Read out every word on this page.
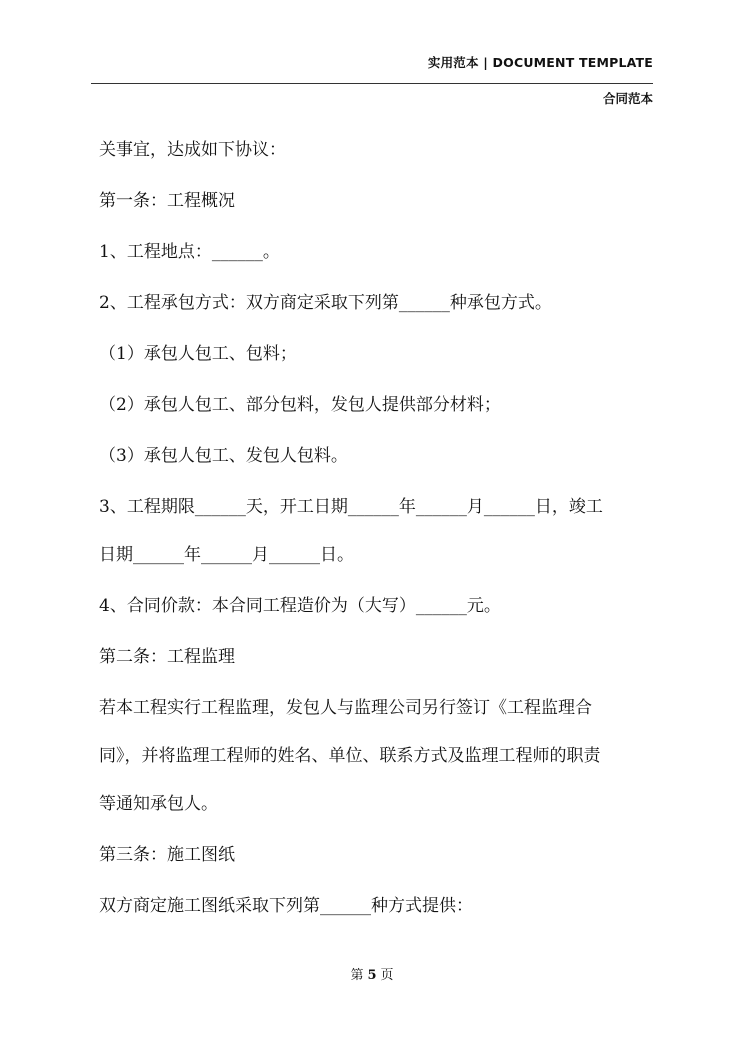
实用范本 | DOCUMENT TEMPLATE
合同范本

关事宜，达成如下协议：

第一条：工程概况

1、工程地点：______。

2、工程承包方式：双方商定采取下列第______种承包方式。

（1）承包人包工、包料；

（2）承包人包工、部分包料，发包人提供部分材料；

（3）承包人包工、发包人包料。

3、工程期限______天，开工日期______年______月______日，竣工
日期______年______月______日。

4、合同价款：本合同工程造价为（大写）______元。

第二条：工程监理

若本工程实行工程监理，发包人与监理公司另行签订《工程监理合
同》，并将监理工程师的姓名、单位、联系方式及监理工程师的职责
等通知承包人。

第三条：施工图纸

双方商定施工图纸采取下列第______种方式提供：

第 5 页
